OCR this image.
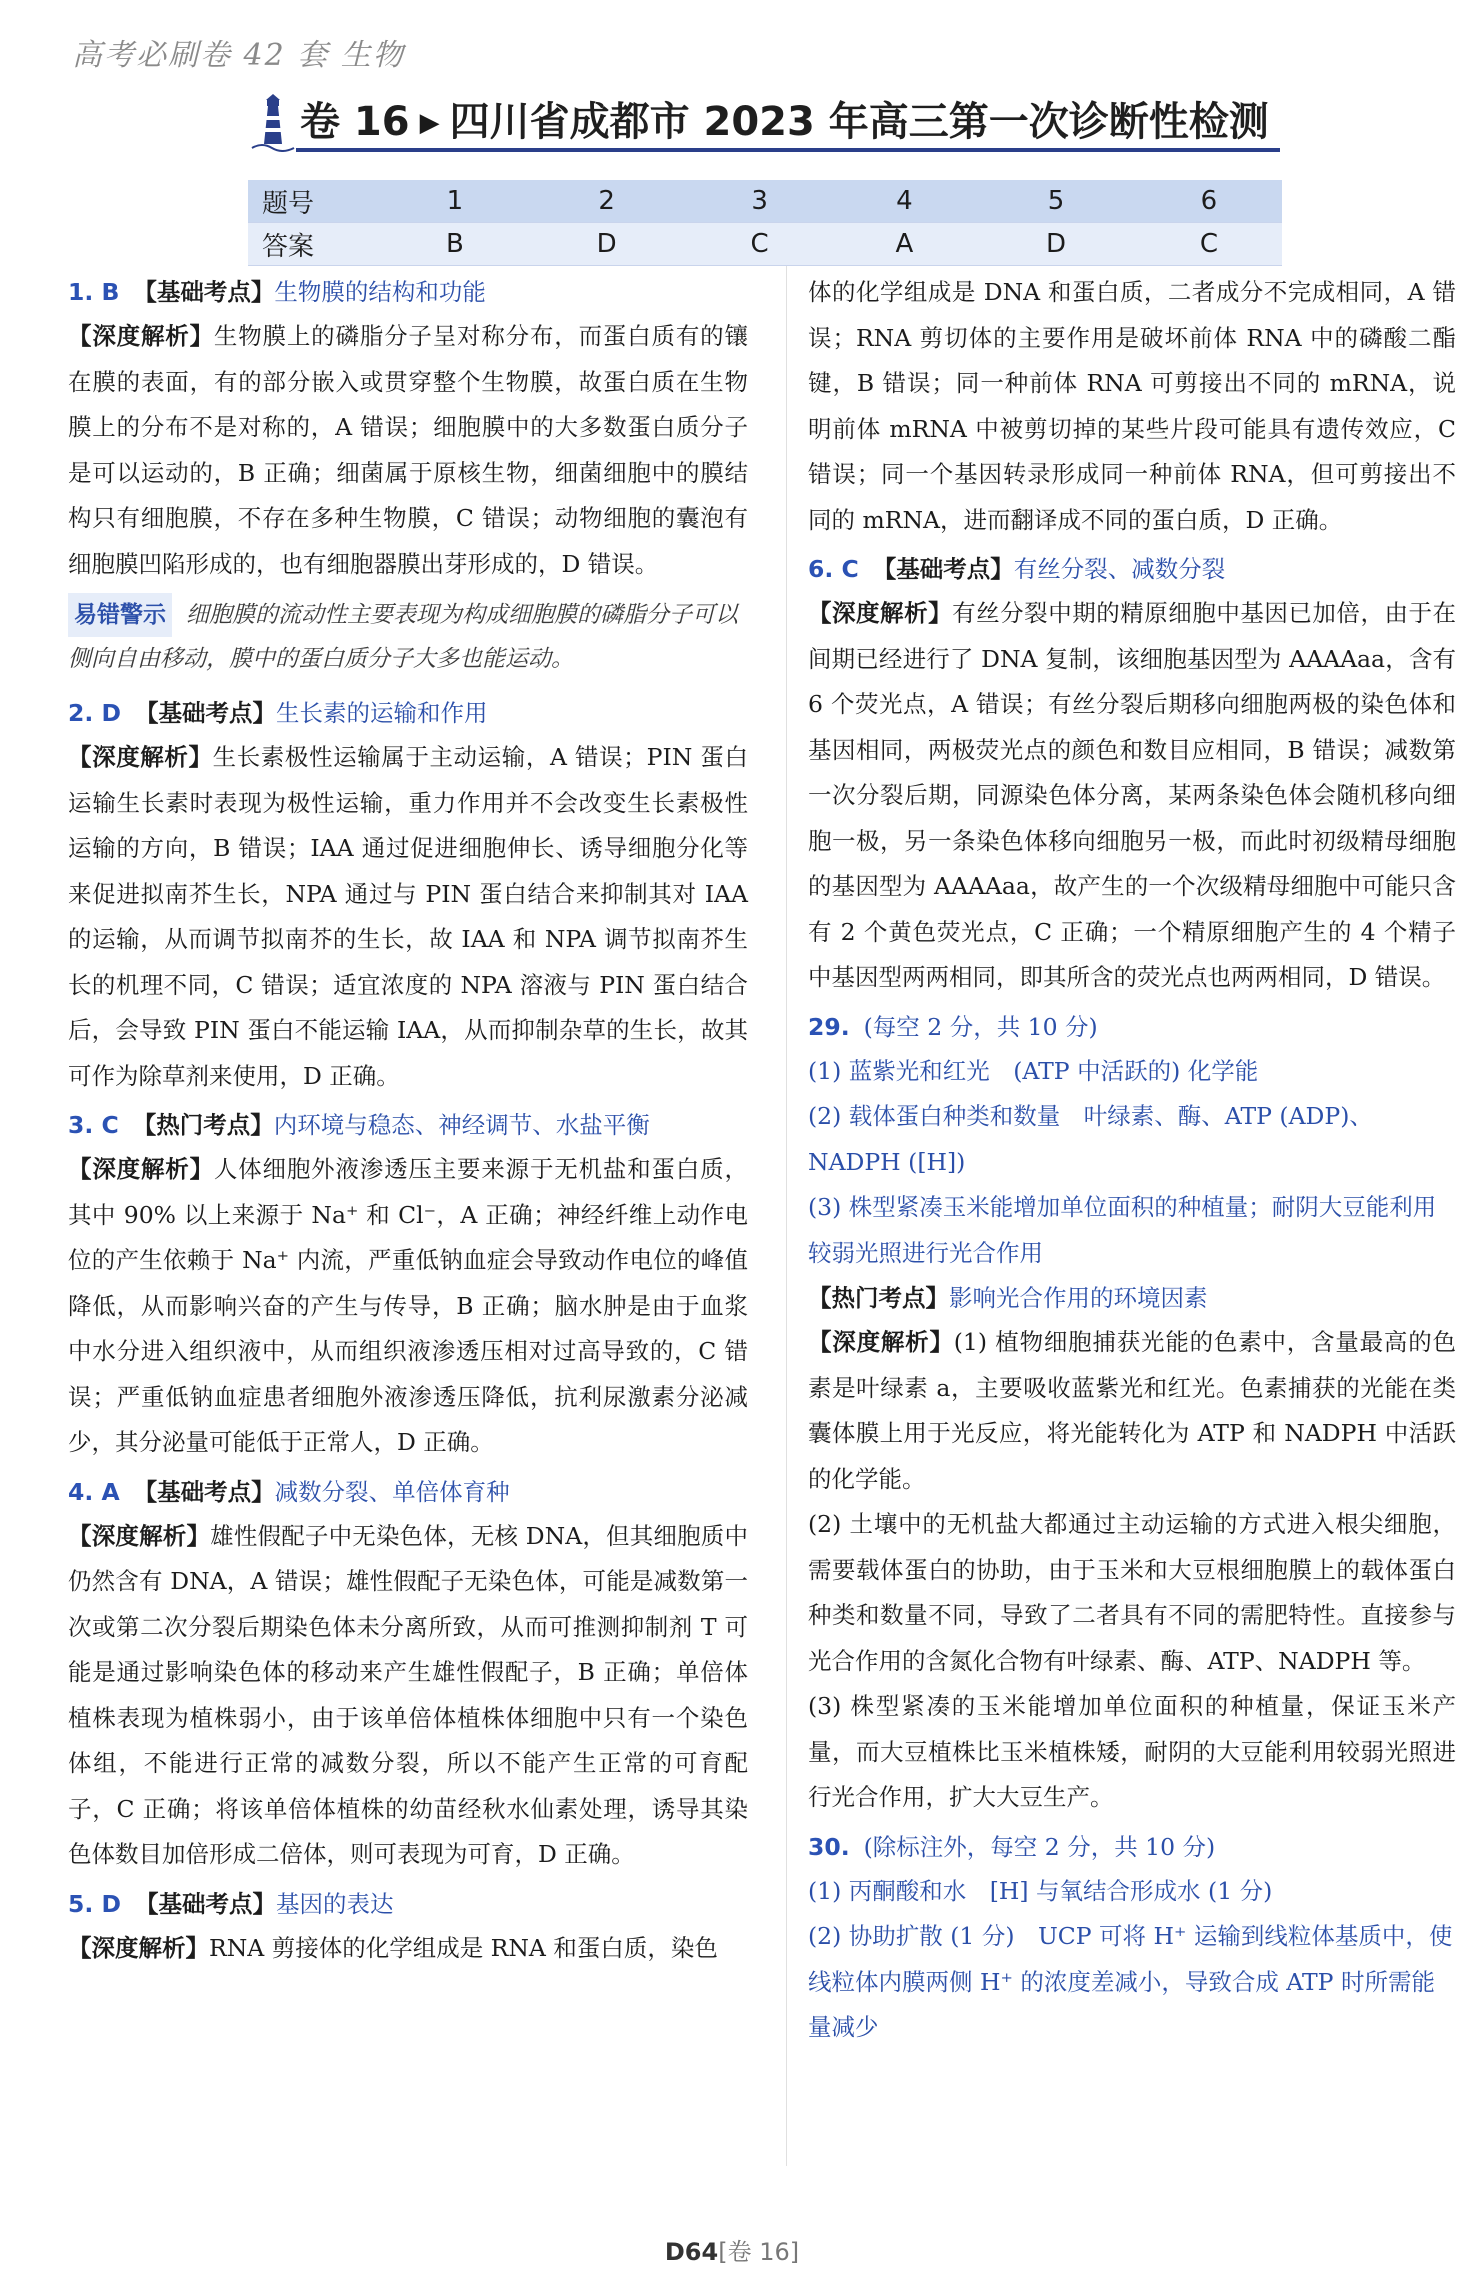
高考必刷卷 42 套 生物
卷 16 ▶ 四川省成都市 2023 年高三第一次诊断性检测
题号	1	2	3	4	5	6
答案	B	D	C	A	D	C

1. B 【基础考点】生物膜的结构和功能

【深度解析】生物膜上的磷脂分子呈对称分布，而蛋白质有的镶在膜的表面，有的部分嵌入或贯穿整个生物膜，故蛋白质在生物膜上的分布不是对称的，A 错误；细胞膜中的大多数蛋白质分子是可以运动的，B 正确；细菌属于原核生物，细菌细胞中的膜结构只有细胞膜，不存在多种生物膜，C 错误；动物细胞的囊泡有细胞膜凹陷形成的，也有细胞器膜出芽形成的，D 错误。

易错警示 细胞膜的流动性主要表现为构成细胞膜的磷脂分子可以侧向自由移动，膜中的蛋白质分子大多也能运动。

2. D 【基础考点】生长素的运输和作用

【深度解析】生长素极性运输属于主动运输，A 错误；PIN 蛋白运输生长素时表现为极性运输，重力作用并不会改变生长素极性运输的方向，B 错误；IAA 通过促进细胞伸长、诱导细胞分化等来促进拟南芥生长，NPA 通过与 PIN 蛋白结合来抑制其对 IAA 的运输，从而调节拟南芥的生长，故 IAA 和 NPA 调节拟南芥生长的机理不同，C 错误；适宜浓度的 NPA 溶液与 PIN 蛋白结合后，会导致 PIN 蛋白不能运输 IAA，从而抑制杂草的生长，故其可作为除草剂来使用，D 正确。

3. C 【热门考点】内环境与稳态、神经调节、水盐平衡

【深度解析】人体细胞外液渗透压主要来源于无机盐和蛋白质，其中 90% 以上来源于 Na⁺ 和 Cl⁻，A 正确；神经纤维上动作电位的产生依赖于 Na⁺ 内流，严重低钠血症会导致动作电位的峰值降低，从而影响兴奋的产生与传导，B 正确；脑水肿是由于血浆中水分进入组织液中，从而组织液渗透压相对过高导致的，C 错误；严重低钠血症患者细胞外液渗透压降低，抗利尿激素分泌减少，其分泌量可能低于正常人，D 正确。

4. A 【基础考点】减数分裂、单倍体育种

【深度解析】雄性假配子中无染色体，无核 DNA，但其细胞质中仍然含有 DNA，A 错误；雄性假配子无染色体，可能是减数第一次或第二次分裂后期染色体未分离所致，从而可推测抑制剂 T 可能是通过影响染色体的移动来产生雄性假配子，B 正确；单倍体植株表现为植株弱小，由于该单倍体植株体细胞中只有一个染色体组，不能进行正常的减数分裂，所以不能产生正常的可育配子，C 正确；将该单倍体植株的幼苗经秋水仙素处理，诱导其染色体数目加倍形成二倍体，则可表现为可育，D 正确。

5. D 【基础考点】基因的表达

【深度解析】RNA 剪接体的化学组成是 RNA 和蛋白质，染色

体的化学组成是 DNA 和蛋白质，二者成分不完成相同，A 错误；RNA 剪切体的主要作用是破坏前体 RNA 中的磷酸二酯键，B 错误；同一种前体 RNA 可剪接出不同的 mRNA，说明前体 mRNA 中被剪切掉的某些片段可能具有遗传效应，C 错误；同一个基因转录形成同一种前体 RNA，但可剪接出不同的 mRNA，进而翻译成不同的蛋白质，D 正确。

6. C 【基础考点】有丝分裂、减数分裂

【深度解析】有丝分裂中期的精原细胞中基因已加倍，由于在间期已经进行了 DNA 复制，该细胞基因型为 AAAAaa，含有 6 个荧光点，A 错误；有丝分裂后期移向细胞两极的染色体和基因相同，两极荧光点的颜色和数目应相同，B 错误；减数第一次分裂后期，同源染色体分离，某两条染色体会随机移向细胞一极，另一条染色体移向细胞另一极，而此时初级精母细胞的基因型为 AAAAaa，故产生的一个次级精母细胞中可能只含有 2 个黄色荧光点，C 正确；一个精原细胞产生的 4 个精子中基因型两两相同，即其所含的荧光点也两两相同，D 错误。

29. (每空 2 分，共 10 分)

(1) 蓝紫光和红光　(ATP 中活跃的) 化学能

(2) 载体蛋白种类和数量　叶绿素、酶、ATP (ADP)、NADPH ([H])

(3) 株型紧凑玉米能增加单位面积的种植量；耐阴大豆能利用较弱光照进行光合作用

【热门考点】影响光合作用的环境因素

【深度解析】(1) 植物细胞捕获光能的色素中，含量最高的色素是叶绿素 a，主要吸收蓝紫光和红光。色素捕获的光能在类囊体膜上用于光反应，将光能转化为 ATP 和 NADPH 中活跃的化学能。

(2) 土壤中的无机盐大都通过主动运输的方式进入根尖细胞，需要载体蛋白的协助，由于玉米和大豆根细胞膜上的载体蛋白种类和数量不同，导致了二者具有不同的需肥特性。直接参与光合作用的含氮化合物有叶绿素、酶、ATP、NADPH 等。

(3) 株型紧凑的玉米能增加单位面积的种植量，保证玉米产量，而大豆植株比玉米植株矮，耐阴的大豆能利用较弱光照进行光合作用，扩大大豆生产。

30. (除标注外，每空 2 分，共 10 分)

(1) 丙酮酸和水　[H] 与氧结合形成水 (1 分)

(2) 协助扩散 (1 分)　UCP 可将 H⁺ 运输到线粒体基质中，使线粒体内膜两侧 H⁺ 的浓度差减小，导致合成 ATP 时所需能量减少

D64[卷 16]
